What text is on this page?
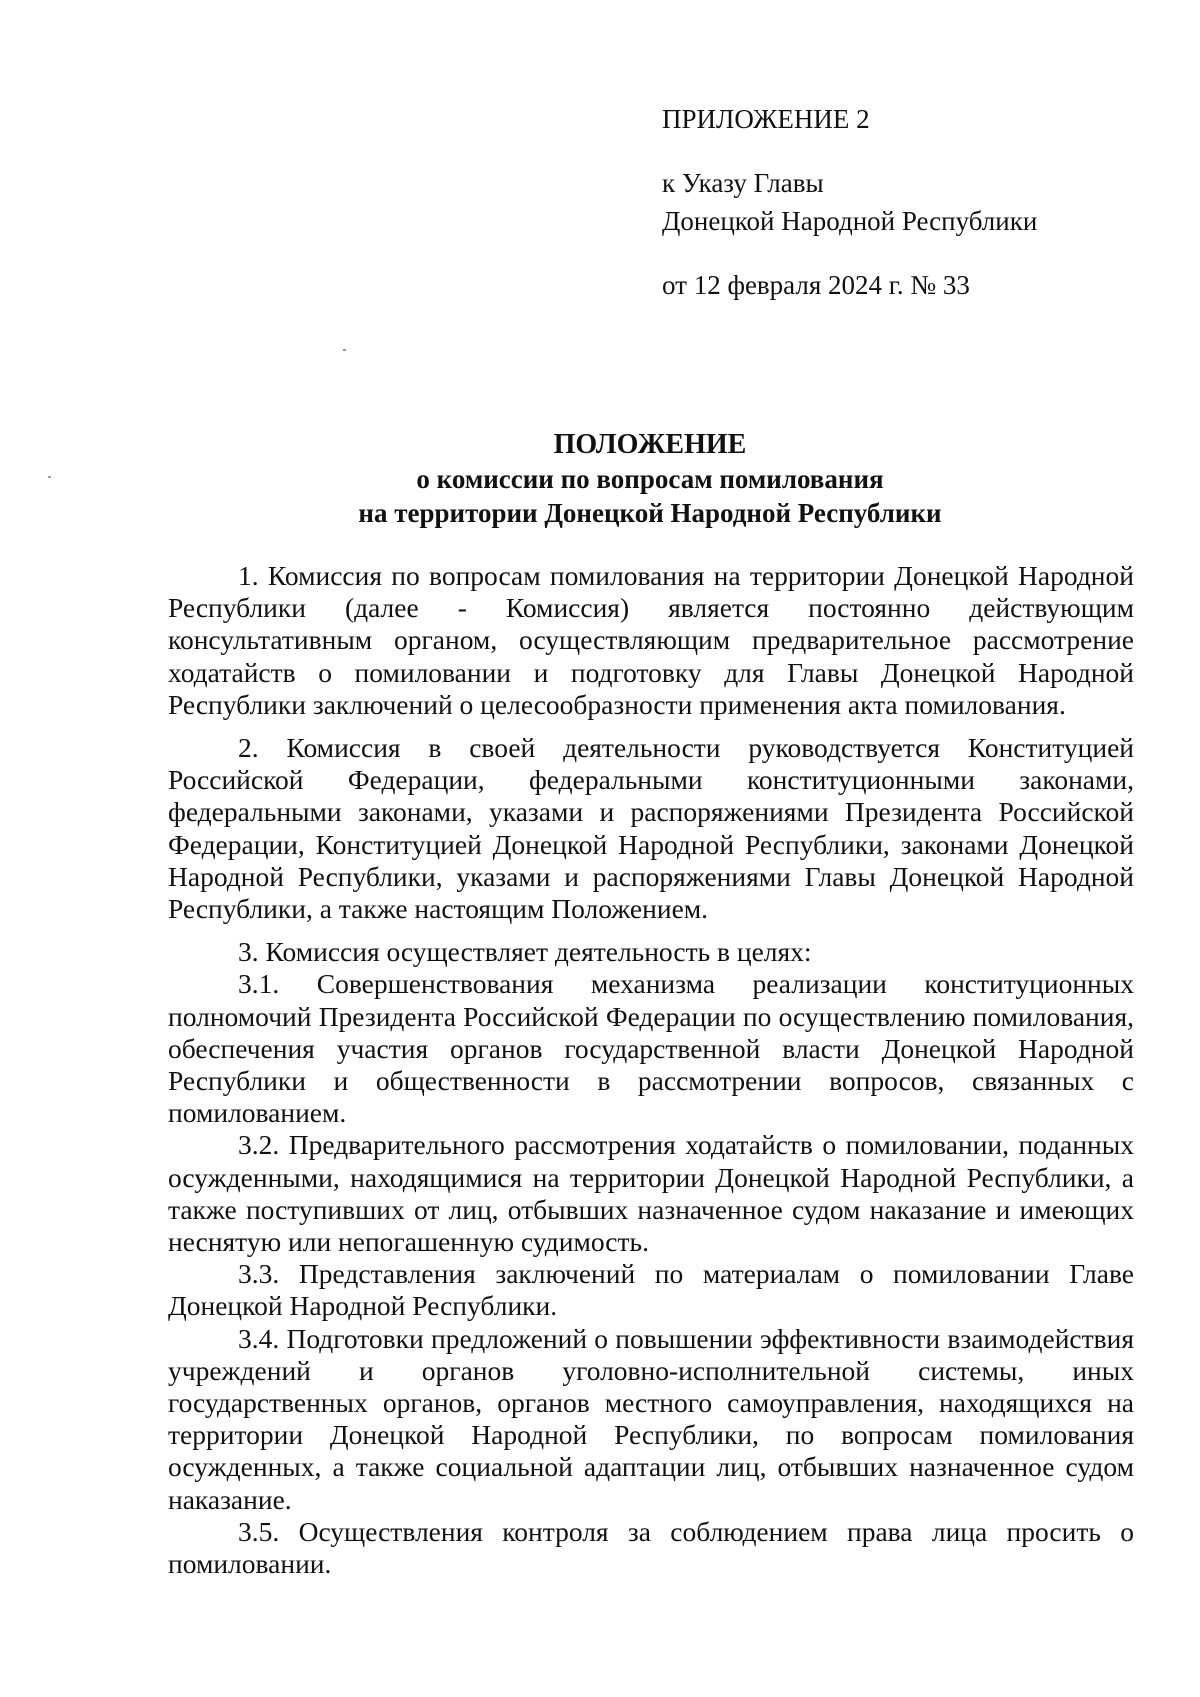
ПРИЛОЖЕНИЕ 2
к Указу Главы
Донецкой Народной Республики
от 12 февраля 2024 г. № 33
ПОЛОЖЕНИЕ
о комиссии по вопросам помилования
на территории Донецкой Народной Республики

1. Комиссия по вопросам помилования на территории Донецкой Народной Республики (далее - Комиссия) является постоянно действующим консультативным органом, осуществляющим предварительное рассмотрение ходатайств о помиловании и подготовку для Главы Донецкой Народной Республики заключений о целесообразности применения акта помилования.

2. Комиссия в своей деятельности руководствуется Конституцией Российской Федерации, федеральными конституционными законами, федеральными законами, указами и распоряжениями Президента Российской Федерации, Конституцией Донецкой Народной Республики, законами Донецкой Народной Республики, указами и распоряжениями Главы Донецкой Народной Республики, а также настоящим Положением.

3. Комиссия осуществляет деятельность в целях:

3.1. Совершенствования механизма реализации конституционных полномочий Президента Российской Федерации по осуществлению помилования, обеспечения участия органов государственной власти Донецкой Народной Республики и общественности в рассмотрении вопросов, связанных с помилованием.

3.2. Предварительного рассмотрения ходатайств о помиловании, поданных осужденными, находящимися на территории Донецкой Народной Республики, а также поступивших от лиц, отбывших назначенное судом наказание и имеющих неснятую или непогашенную судимость.

3.3. Представления заключений по материалам о помиловании Главе Донецкой Народной Республики.

3.4. Подготовки предложений о повышении эффективности взаимодействия учреждений и органов уголовно-исполнительной системы, иных государственных органов, органов местного самоуправления, находящихся на территории Донецкой Народной Республики, по вопросам помилования осужденных, а также социальной адаптации лиц, отбывших назначенное судом наказание.

3.5. Осуществления контроля за соблюдением права лица просить о помиловании.
